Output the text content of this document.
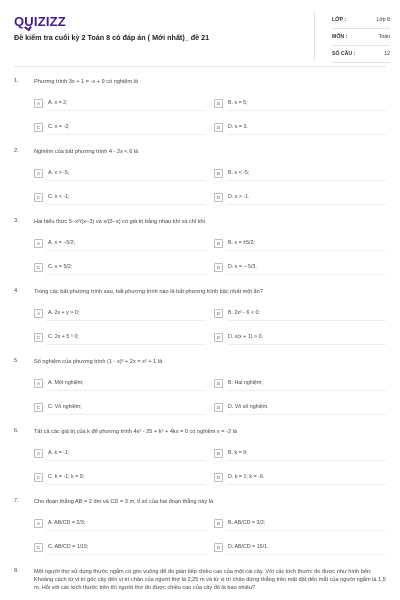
QUIZIZZ
Đề kiểm tra cuối kỳ 2 Toán 8 có đáp án ( Mới nhất)_ đề 21
LỚP :	Lớp 8
MÔN :	Toán
SỐ CÂU :	12
1.	Phương trình 3x + 1 = -x + 9 có nghiệm là
A	A. x = 2;	B	B. x = 5;
C	C. x = -2;	D	D. x = 3.
2.	Nghiệm của bất phương trình 4 - 2x < 6 là
A	A. x > -5;	B	B. x < -5;
C	C. x < -1;	D	D. x > -1.
3.	Hai biểu thức 5−x²/(x−3) và x/(3−x) có giá trị bằng nhau khi và chỉ khi
A	A. x = −5/2;	B	B. x = ±5/2;
C	C. x = 5/2;	D	D. x = − 5/3.
4.	Trong các bất phương trình sau, bất phương trình nào là bất phương trình bậc nhất một ẩn?
A	A. 2x + y > 0;	B	B. 2x² - 6 < 0;
C	C. 2x + 5 ⁵ 0;	D	D. x(x + 1) > 0.
5.	Số nghiệm của phương trình (1 - x)² + 2x = x² + 1 là
A	A. Một nghiệm;	B	B. Hai nghiệm;
C	C. Vô nghiệm;	D	D. Vô số nghiệm.
6.	Tất cả các giá trị của k để phương trình 4x² - 25 + k² + 4kx = 0 có nghiệm x = -2 là
A	A. k = -1;	B	B. k = 9;
C	C. k = -1; k = 9;	D	D. k = 1; k = -9.
7.	Cho đoạn thẳng AB = 2 dm và CD = 3 m, tỉ số của hai đoạn thẳng này là
A	A. AB/CD = 2/3;	B	B. AB/CD = 3/2;
C	C. AB/CD = 1/15;	D	D. AB/CD = 15/1.
8.	Một người thợ sử dụng thước ngắm có góc vuông để đo gián tiếp chiều cao của một cái cây. Với các kích thước đo được như hình bên: Khoảng cách từ vị trí gốc cây đến vị trí chân của người thợ là 2,25 m và từ vị trí chân đứng thẳng trên mặt đất đến mắt của người ngắm là 1,5 m. Hỏi với các kích thước trên thì người thợ đo được chiều cao của cây đó là bao nhiêu?
